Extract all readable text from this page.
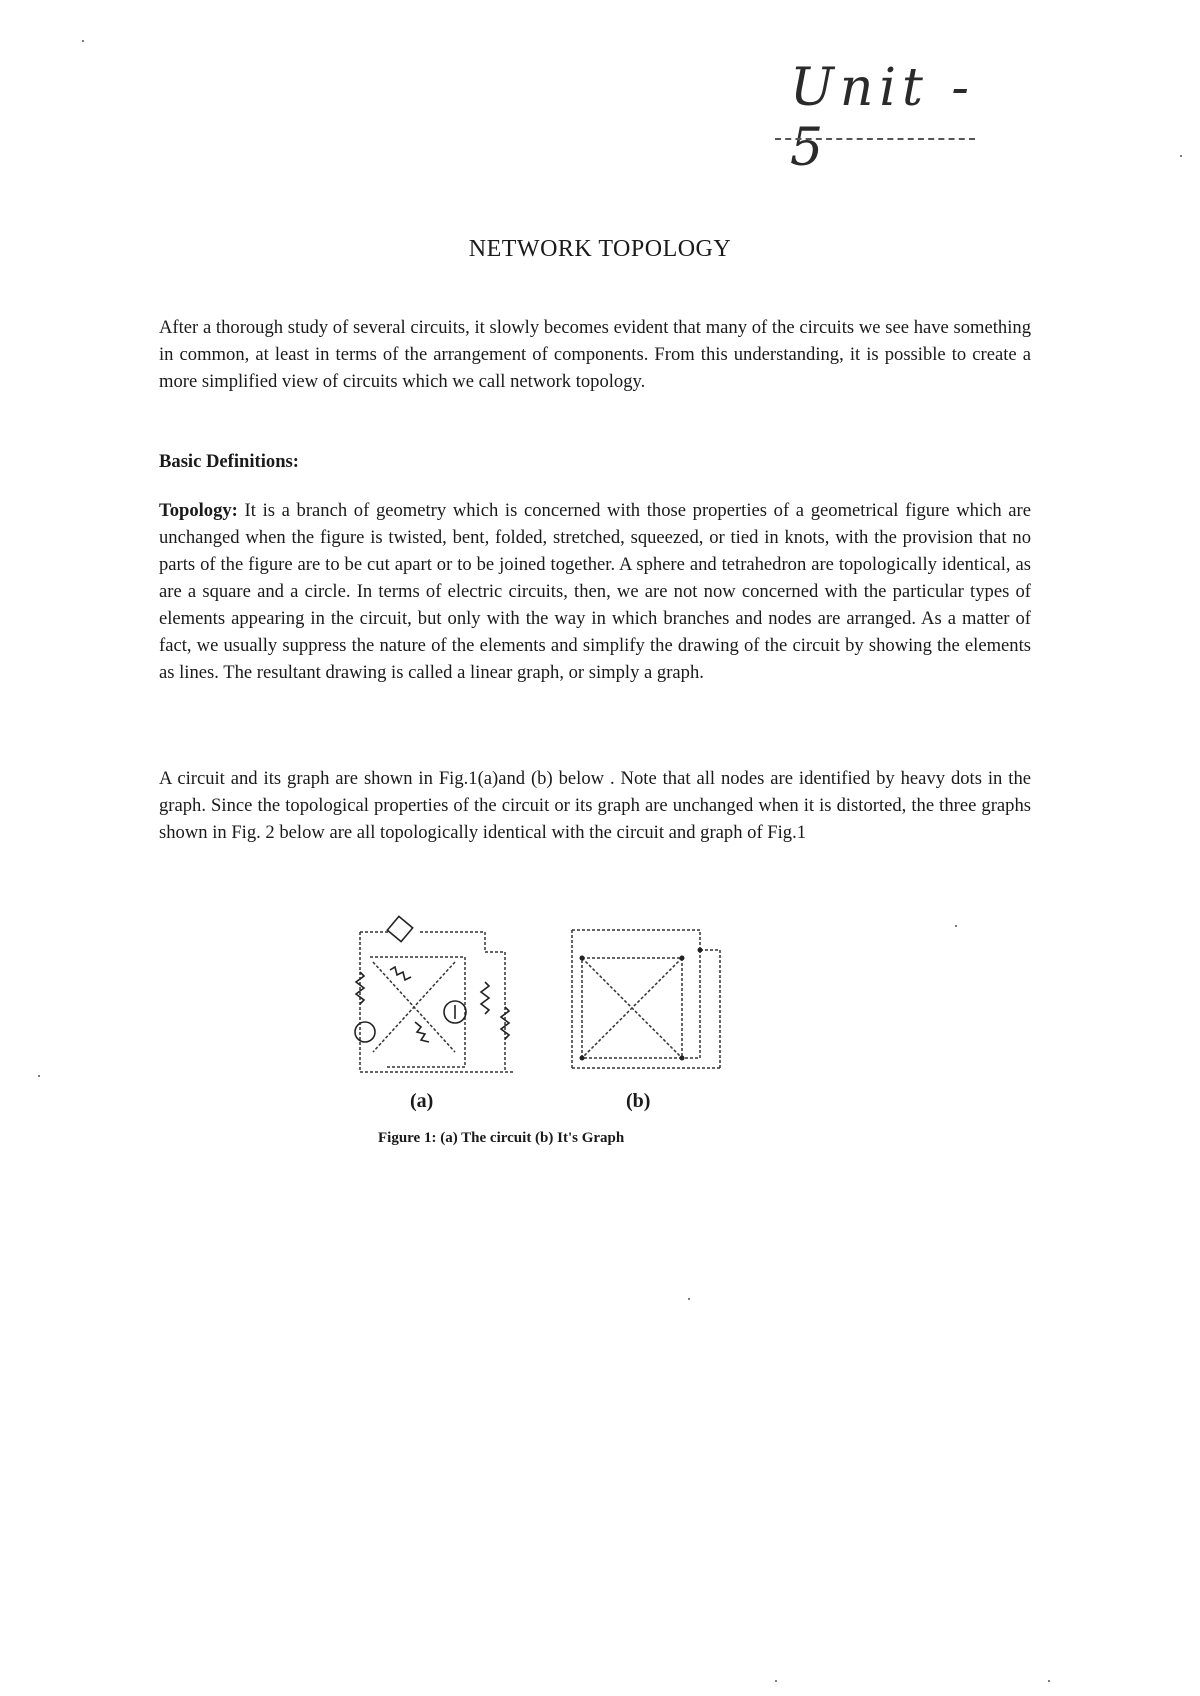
Unit - 5
NETWORK TOPOLOGY

After a thorough study of several circuits, it slowly becomes evident that many of the circuits we see have something in common, at least in terms of the arrangement of components. From this understanding, it is possible to create a more simplified view of circuits which we call network topology.

Basic Definitions:

Topology: It is a branch of geometry which is concerned with those properties of a geometrical figure which are unchanged when the figure is twisted, bent, folded, stretched, squeezed, or tied in knots, with the provision that no parts of the figure are to be cut apart or to be joined together. A sphere and tetrahedron are topologically identical, as are a square and a circle. In terms of electric circuits, then, we are not now concerned with the particular types of elements appearing in the circuit, but only with the way in which branches and nodes are arranged. As a matter of fact, we usually suppress the nature of the elements and simplify the drawing of the circuit by showing the elements as lines. The resultant drawing is called a linear graph, or simply a graph.

A circuit and its graph are shown in Fig.1(a)and (b) below . Note that all nodes are identified by heavy dots in the graph. Since the topological properties of the circuit or its graph are unchanged when it is distorted, the three graphs shown in Fig. 2 below are all topologically identical with the circuit and graph of Fig.1

(a)	(b)
Figure 1: (a) The circuit (b) It's Graph
